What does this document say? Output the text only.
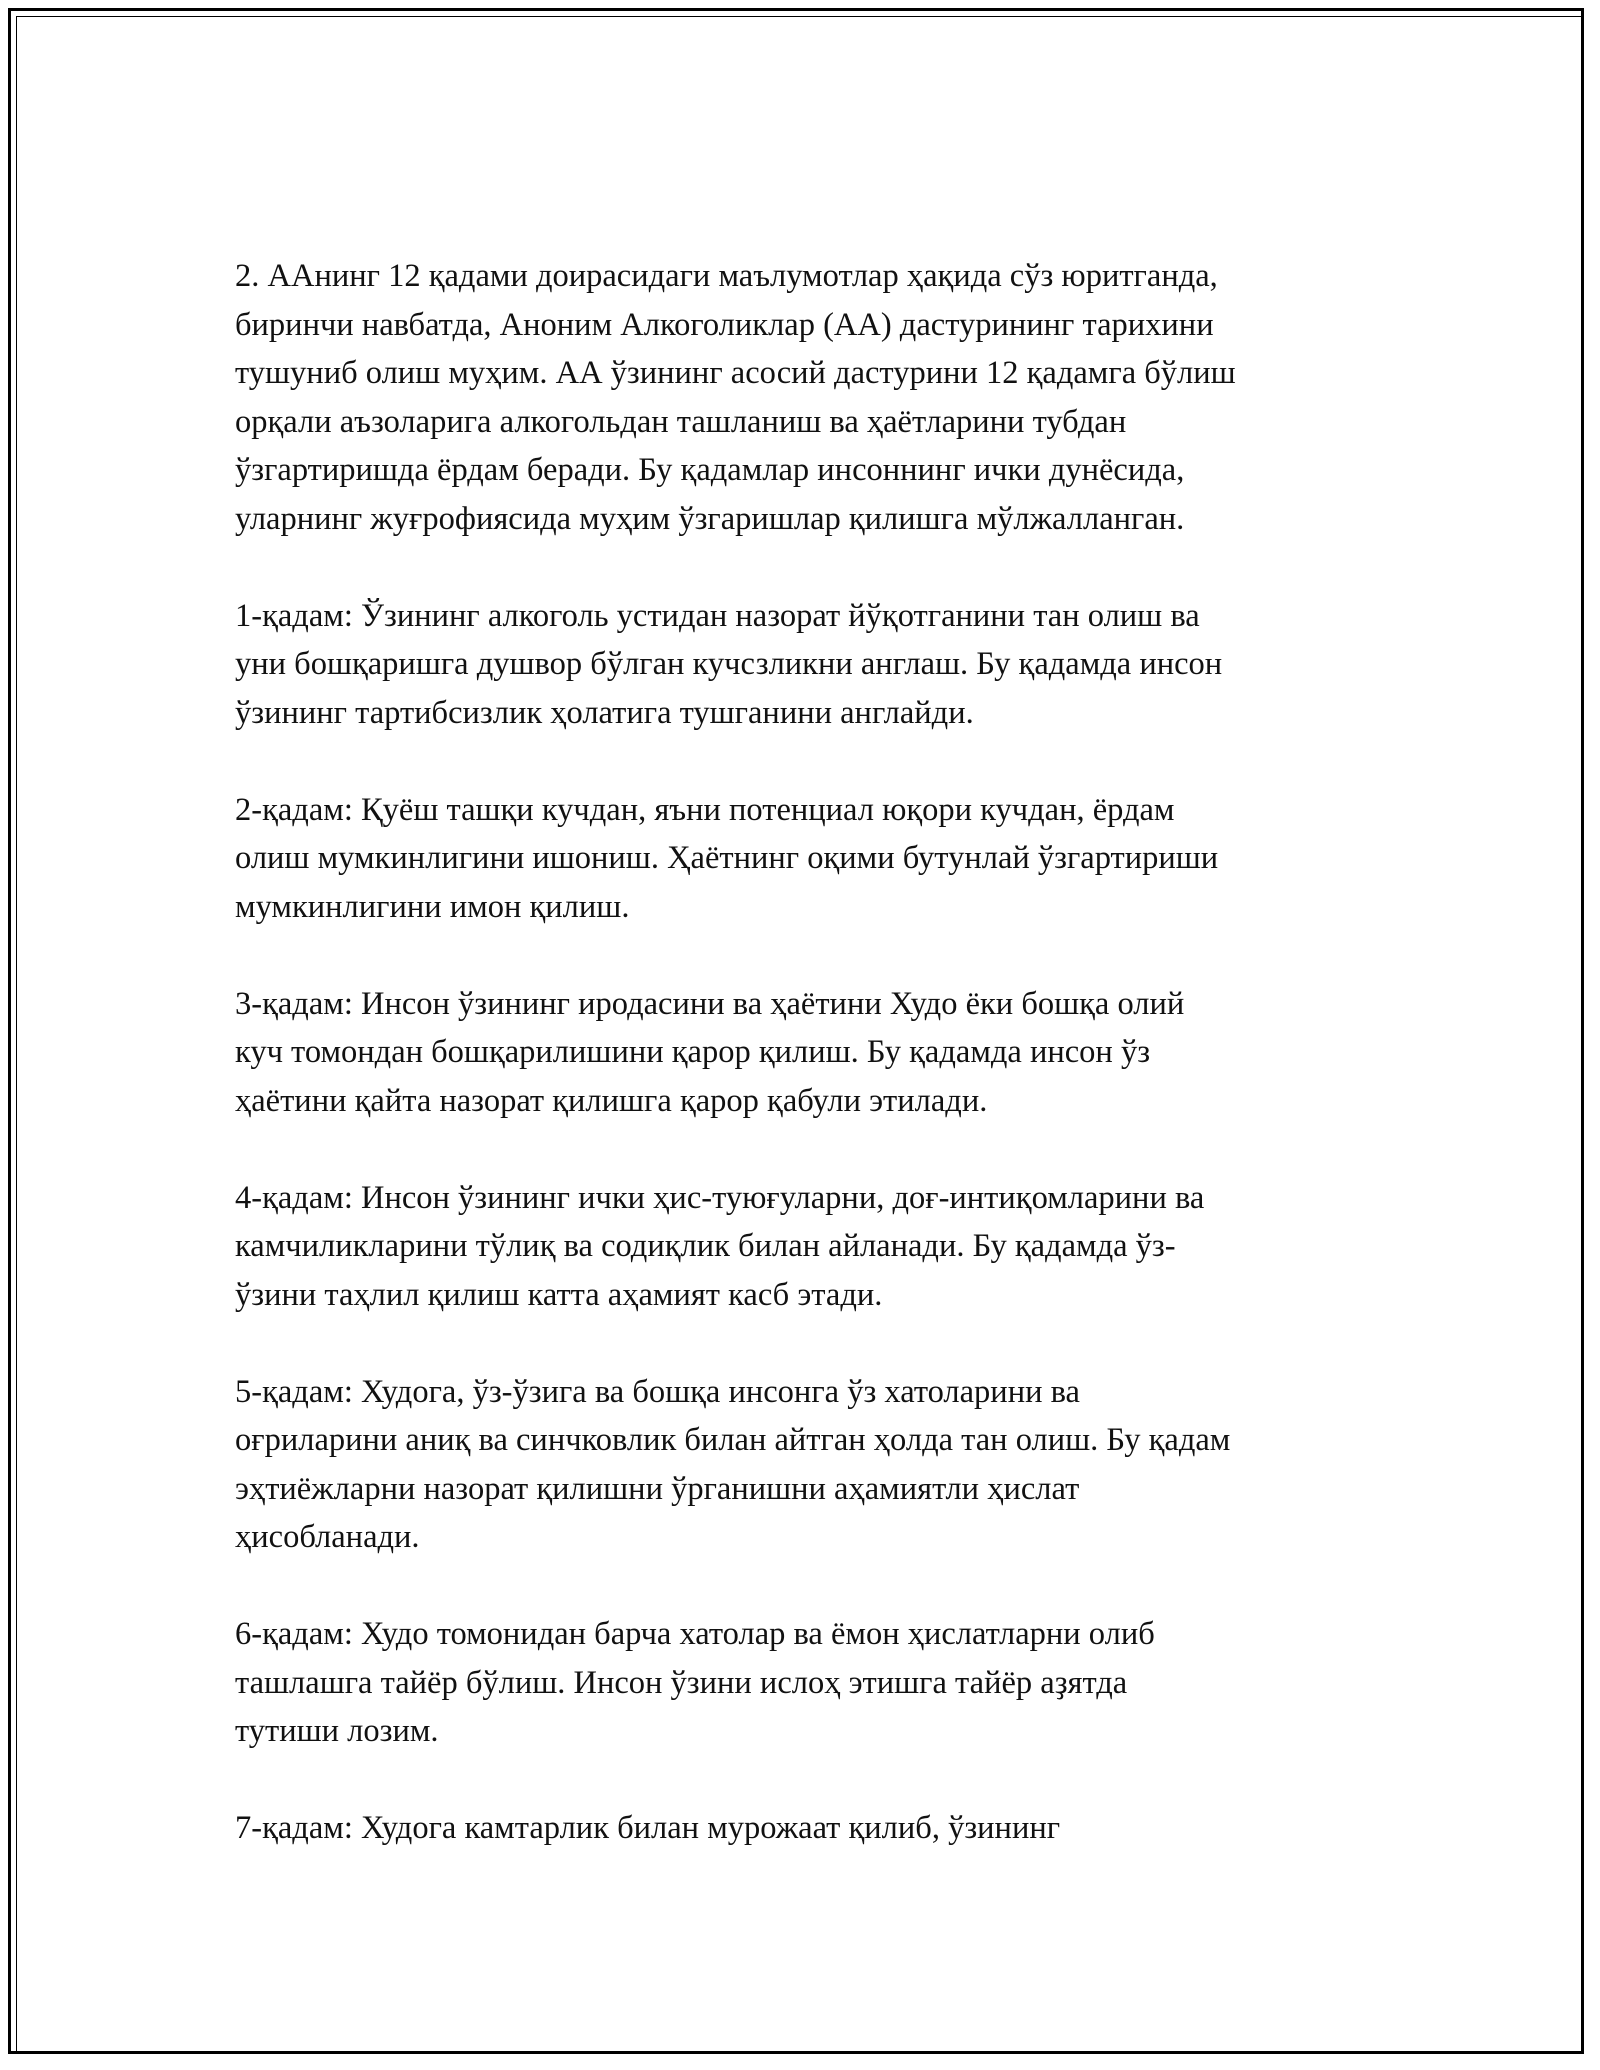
2. ААнинг 12 қадами доирасидаги маълумотлар ҳақида сўз юритганда,
биринчи навбатда, Аноним Алкоголиклар (АА) дастурининг тарихини
тушуниб олиш муҳим. АА ўзининг асосий дастурини 12 қадамга бўлиш
орқали аъзоларига алкогольдан ташланиш ва ҳаётларини тубдан
ўзгартиришда ёрдам беради. Бу қадамлар инсоннинг ички дунёсида,
уларнинг жуғрофиясида муҳим ўзгаришлар қилишга мўлжалланган.

1-қадам: Ўзининг алкоголь устидан назорат йўқотганини тан олиш ва
уни бошқаришга душвор бўлган кучсзликни англаш. Бу қадамда инсон
ўзининг тартибсизлик ҳолатига тушганини англайди.

2-қадам: Қуёш ташқи кучдан, яъни потенциал юқори кучдан, ёрдам
олиш мумкинлигини ишониш. Ҳаётнинг оқими бутунлай ўзгартириши
мумкинлигини имон қилиш.

3-қадам: Инсон ўзининг иродасини ва ҳаётини Худо ёки бошқа олий
куч томондан бошқарилишини қарор қилиш. Бу қадамда инсон ўз
ҳаётини қайта назорат қилишга қарор қабули этилади.

4-қадам: Инсон ўзининг ички ҳис-туюғуларни, доғ-интиқомларини ва
камчиликларини тўлиқ ва содиқлик билан айланади. Бу қадамда ўз-
ўзини таҳлил қилиш катта аҳамият касб этади.

5-қадам: Худога, ўз-ўзига ва бошқа инсонга ўз хатоларини ва
оғриларини аниқ ва синчковлик билан айтган ҳолда тан олиш. Бу қадам
эҳтиёжларни назорат қилишни ўрганишни аҳамиятли ҳислат
ҳисобланади.

6-қадам: Худо томонидан барча хатолар ва ёмон ҳислатларни олиб
ташлашга тайёр бўлиш. Инсон ўзини ислоҳ этишга тайёр аҙятда
тутиши лозим.

7-қадам: Худога камтарлик билан мурожаат қилиб, ўзининг
